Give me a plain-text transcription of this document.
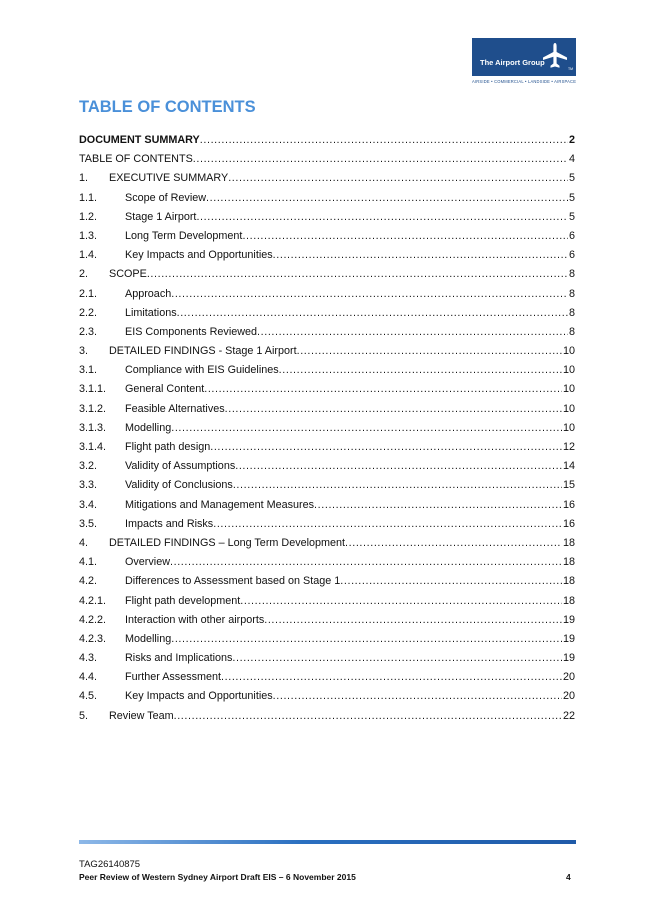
The Airport Group
TM
AIRSIDE • COMMERCIAL • LANDSIDE • AIRSPACE
TABLE OF CONTENTS
DOCUMENT SUMMARY .....	2
TABLE OF CONTENTS .....	4
1.	EXECUTIVE SUMMARY .....	5
1.1.	Scope of Review .....	5
1.2.	Stage 1 Airport .....	5
1.3.	Long Term Development .....	6
1.4.	Key Impacts and Opportunities .....	6
2.	SCOPE .....	8
2.1.	Approach .....	8
2.2.	Limitations .....	8
2.3.	EIS Components Reviewed .....	8
3.	DETAILED FINDINGS - Stage 1 Airport .....	10
3.1.	Compliance with EIS Guidelines .....	10
3.1.1.	General Content .....	10
3.1.2.	Feasible Alternatives .....	10
3.1.3.	Modelling .....	10
3.1.4.	Flight path design .....	12
3.2.	Validity of Assumptions .....	14
3.3.	Validity of Conclusions .....	15
3.4.	Mitigations and Management Measures .....	16
3.5.	Impacts and Risks .....	16
4.	DETAILED FINDINGS – Long Term Development .....	18
4.1.	Overview .....	18
4.2.	Differences to Assessment based on Stage 1 .....	18
4.2.1.	Flight path development .....	18
4.2.2.	Interaction with other airports .....	19
4.2.3.	Modelling .....	19
4.3.	Risks and Implications .....	19
4.4.	Further Assessment .....	20
4.5.	Key Impacts and Opportunities .....	20
5.	Review Team .....	22
TAG26140875
Peer Review of Western Sydney Airport Draft EIS – 6 November 2015	4
